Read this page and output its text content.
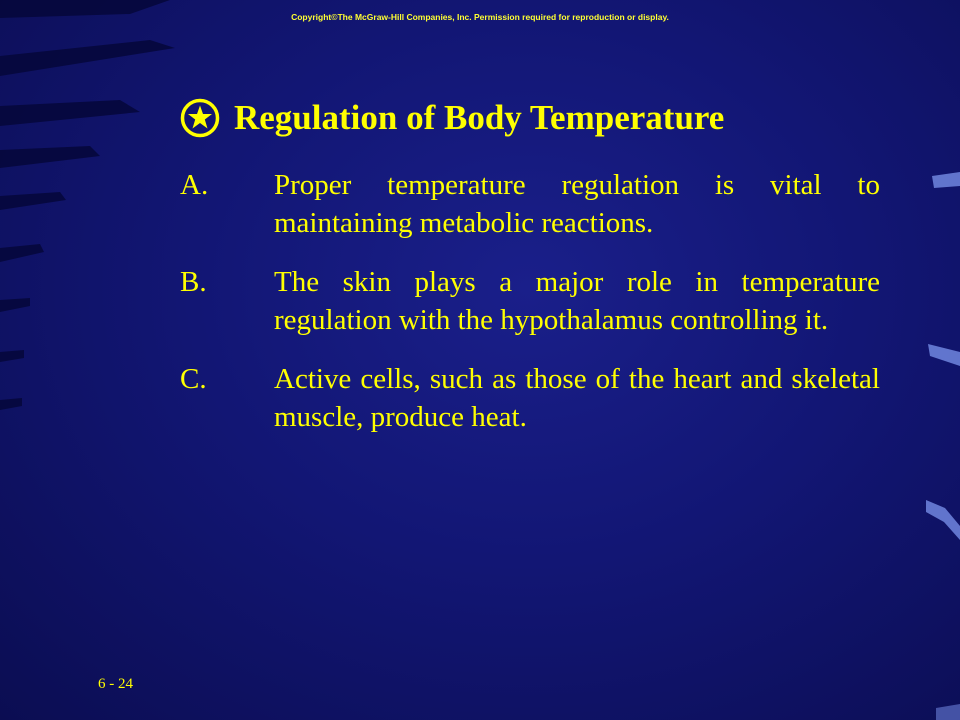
Copyright©The McGraw-Hill Companies, Inc. Permission required for reproduction or display.
Regulation of Body Temperature
A.	Proper temperature regulation is vital to maintaining metabolic reactions.
B.	The skin plays a major role in temperature regulation with the hypothalamus controlling it.
C.	Active cells, such as those of the heart and skeletal muscle, produce heat.
6 - 24
